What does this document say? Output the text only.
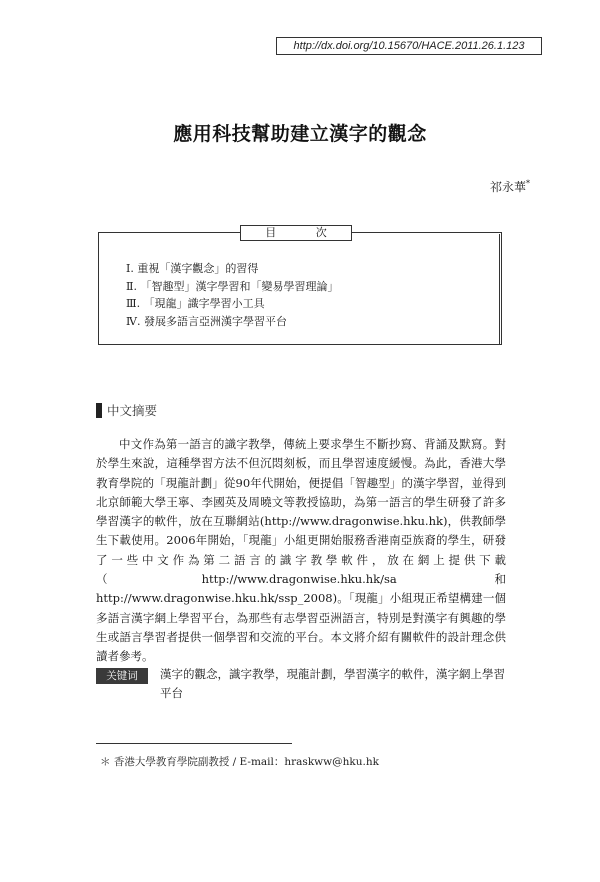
http://dx.doi.org/10.15670/HACE.2011.26.1.123
應用科技幫助建立漢字的觀念
祁永華*
目 次
Ⅰ. 重視「漢字觀念」的習得
Ⅱ. 「智趣型」漢字學習和「變易學習理論」
Ⅲ. 「現龍」識字學習小工具
Ⅳ. 發展多語言亞洲漢字學習平台
中文摘要

中文作為第一語言的識字教學，傳統上要求學生不斷抄寫、背誦及默寫。對於學生來說，這種學習方法不但沉悶刻板，而且學習速度緩慢。為此，香港大學教育學院的「現龍計劃」從90年代開始，便提倡「智趣型」的漢字學習，並得到北京師範大學王寧、李國英及周曉文等教授協助，為第一語言的學生研發了許多學習漢字的軟件，放在互聯網站(http://www.dragonwise.hku.hk)，供教師學生下載使用。2006年開始，「現龍」小組更開始服務香港南亞族裔的學生，研發了一些中文作為第二語言的識字教學軟件，放在網上提供下載（http://www.dragonwise.hku.hk/sa 和 http://www.dragonwise.hku.hk/ssp_2008)。「現龍」小組現正希望構建一個多語言漢字網上學習平台，為那些有志學習亞洲語言，特別是對漢字有興趣的學生或語言學習者提供一個學習和交流的平台。本文將介紹有關軟件的設計理念供讀者參考。

关键词	漢字的觀念，識字教學，現龍計劃，學習漢字的軟件，漢字網上學習平台
＊ 香港大學教育學院副教授 / E-mail：hraskww@hku.hk
